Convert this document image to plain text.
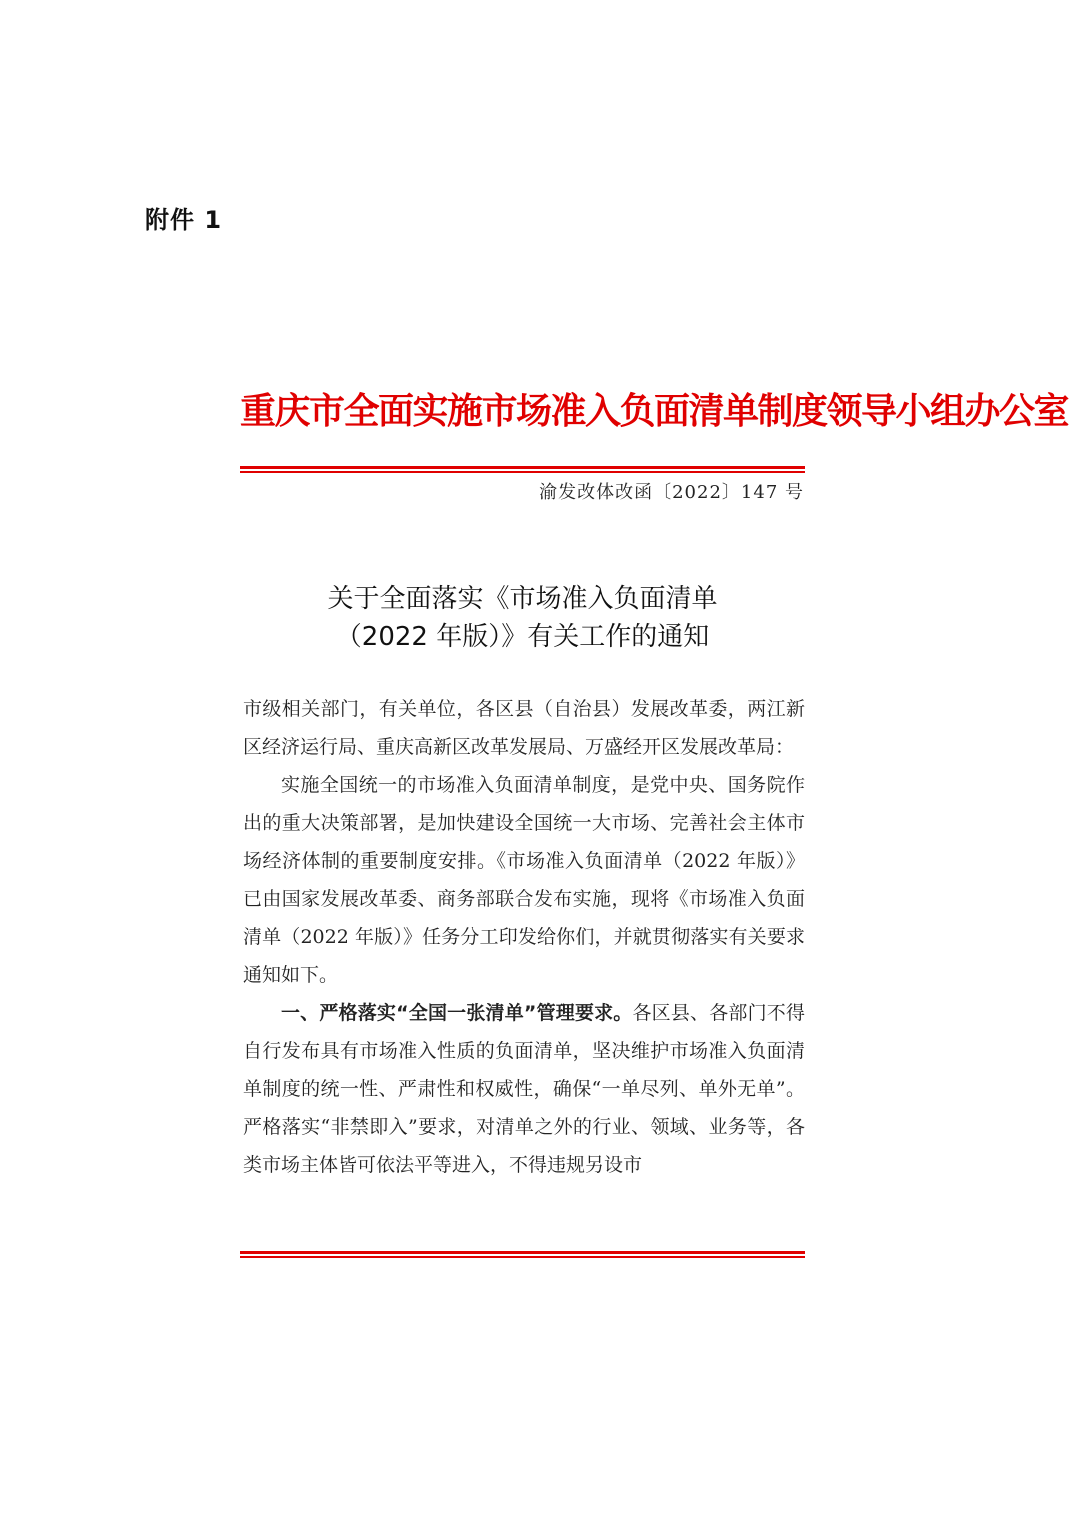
附件 1
重庆市全面实施市场准入负面清单制度领导小组办公室
渝发改体改函〔2022〕147 号
关于全面落实《市场准入负面清单
（2022 年版）》有关工作的通知

市级相关部门，有关单位，各区县（自治县）发展改革委，两江新区经济运行局、重庆高新区改革发展局、万盛经开区发展改革局：

实施全国统一的市场准入负面清单制度，是党中央、国务院作出的重大决策部署，是加快建设全国统一大市场、完善社会主体市场经济体制的重要制度安排。《市场准入负面清单（2022 年版）》已由国家发展改革委、商务部联合发布实施，现将《市场准入负面清单（2022 年版）》任务分工印发给你们，并就贯彻落实有关要求通知如下。

一、严格落实“全国一张清单”管理要求。各区县、各部门不得自行发布具有市场准入性质的负面清单，坚决维护市场准入负面清单制度的统一性、严肃性和权威性，确保“一单尽列、单外无单”。严格落实“非禁即入”要求，对清单之外的行业、领域、业务等，各类市场主体皆可依法平等进入，不得违规另设市
